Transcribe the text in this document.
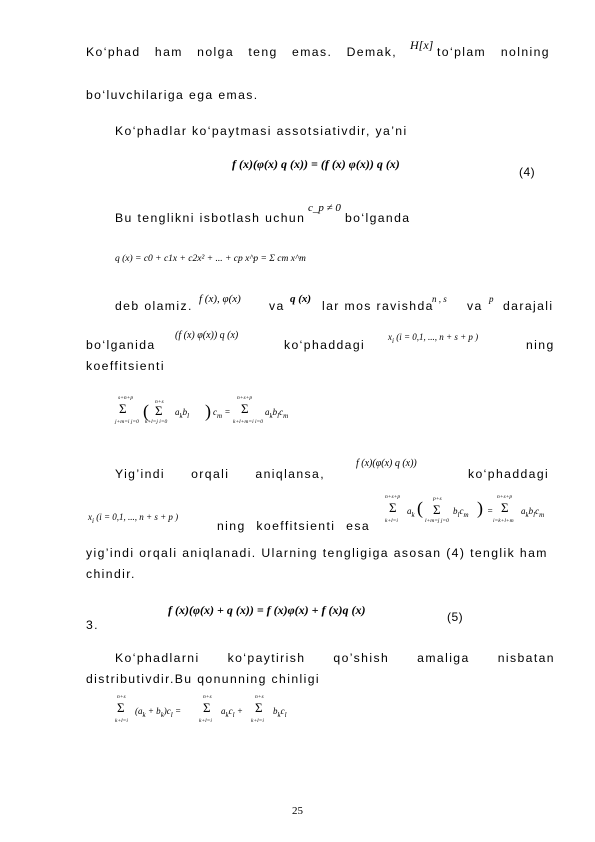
Ko‘phad ham nolga teng emas. Demak, H[x] to‘plam nolning
bo‘luvchilariga ega emas.
Ko‘phadlar ko‘paytmasi assotsiativdir, ya’ni
f (x)(φ(x) q (x)) = (f (x) φ(x)) q (x)
(4)
Bu tenglikni isbotlash uchun
c_p ≠ 0
bo‘lganda
q (x) = c0 + c1x + c2x² + ... + cp x^p = Σ cm x^m
deb olamiz. f (x), φ(x) va q (x) lar mos ravishda
n , s va p darajali
bo‘lganida
(f (x) φ(x)) q (x)
ko‘phaddagi
$x_i$ (i = 0,1, ..., n + s + p )
ning
koeffitsienti
s+n+p
Σ
j+m=i j=0
( n+s
Σ
k+l=j i=0
$a_kb_l$ ) $c_m$ =
n+s+p
Σ
k+l+m=i i=0
$a_kb_lc_m$
Yig’indi orqali aniqlansa,
f (x)(φ(x) q (x))
ko‘phaddagi
$x_i$ (i = 0,1, ..., n + s + p )
ning koeffitsienti esa
n+s+p
Σ
k+l=i
$a_k$ ( p+s
Σ
l+m=j j=0
$b_lc_m$ ) =
n+s+p
Σ
i=k+l+m
$a_kb_lc_m$
yig’indi orqali aniqlanadi. Ularning tengligiga asosan (4) tenglik ham
chindir.
3.
f (x)(φ(x) + q (x)) = f (x)φ(x) + f (x)q (x)	(5)
Ko‘phadlarni ko‘paytirish qo’shish amaliga nisbatan
distributivdir.Bu qonunning chinligi
n+s
Σ
k+l=i
$(a_k + b_k)c_l$ =
n+s
Σ
k+l=i
$a_kc_l$ +
n+s
Σ
k+l=i
$b_kc_l$
25
